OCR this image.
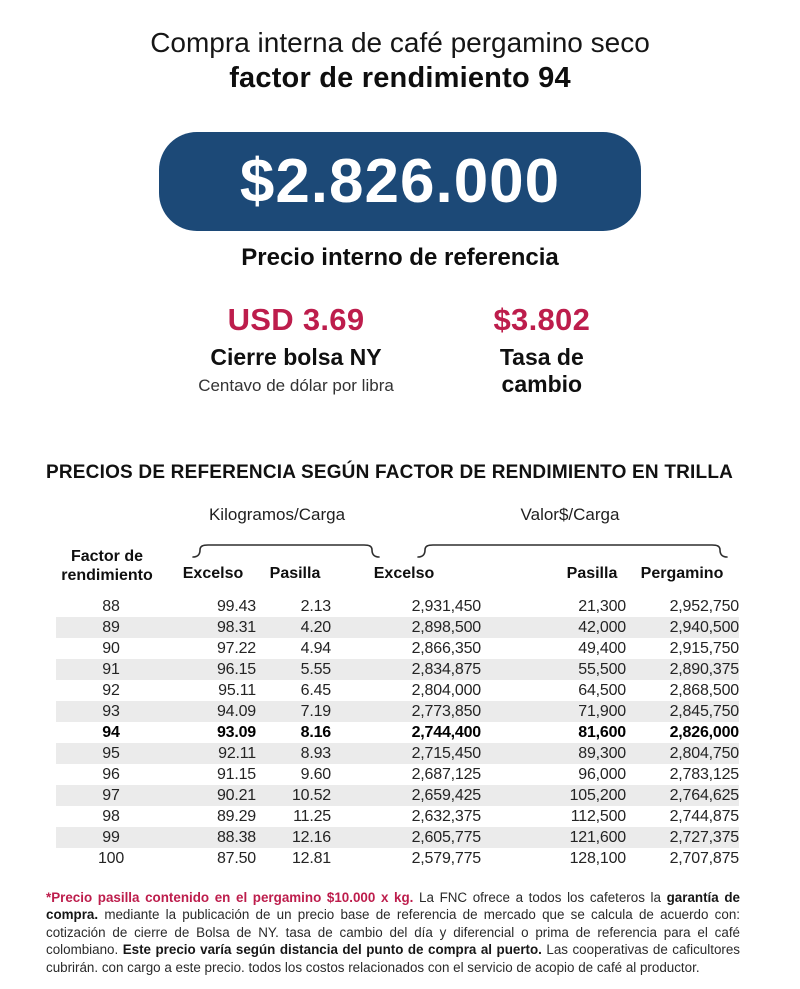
Compra interna de café pergamino seco
factor de rendimiento 94
$2.826.000
Precio interno de referencia
USD 3.69
Cierre bolsa NY
Centavo de dólar por libra
$3.802
Tasa de cambio
PRECIOS DE REFERENCIA SEGÚN FACTOR DE RENDIMIENTO EN TRILLA
Kilogramos/Carga	Valor$/Carga
Factor de
rendimiento	Excelso	Pasilla	Excelso	Pasilla	Pergamino
88	99.43	2.13	2,931,450	21,300	2,952,750
89	98.31	4.20	2,898,500	42,000	2,940,500
90	97.22	4.94	2,866,350	49,400	2,915,750
91	96.15	5.55	2,834,875	55,500	2,890,375
92	95.11	6.45	2,804,000	64,500	2,868,500
93	94.09	7.19	2,773,850	71,900	2,845,750
94	93.09	8.16	2,744,400	81,600	2,826,000
95	92.11	8.93	2,715,450	89,300	2,804,750
96	91.15	9.60	2,687,125	96,000	2,783,125
97	90.21	10.52	2,659,425	105,200	2,764,625
98	89.29	11.25	2,632,375	112,500	2,744,875
99	88.38	12.16	2,605,775	121,600	2,727,375
100	87.50	12.81	2,579,775	128,100	2,707,875

*Precio pasilla contenido en el pergamino $10.000 x kg. La FNC ofrece a todos los cafeteros la garantía de compra. mediante la publicación de un precio base de referencia de mercado que se calcula de acuerdo con: cotización de cierre de Bolsa de NY. tasa de cambio del día y diferencial o prima de referencia para el café colombiano. Este precio varía según distancia del punto de compra al puerto. Las cooperativas de caficultores cubrirán. con cargo a este precio. todos los costos relacionados con el servicio de acopio de café al productor.
